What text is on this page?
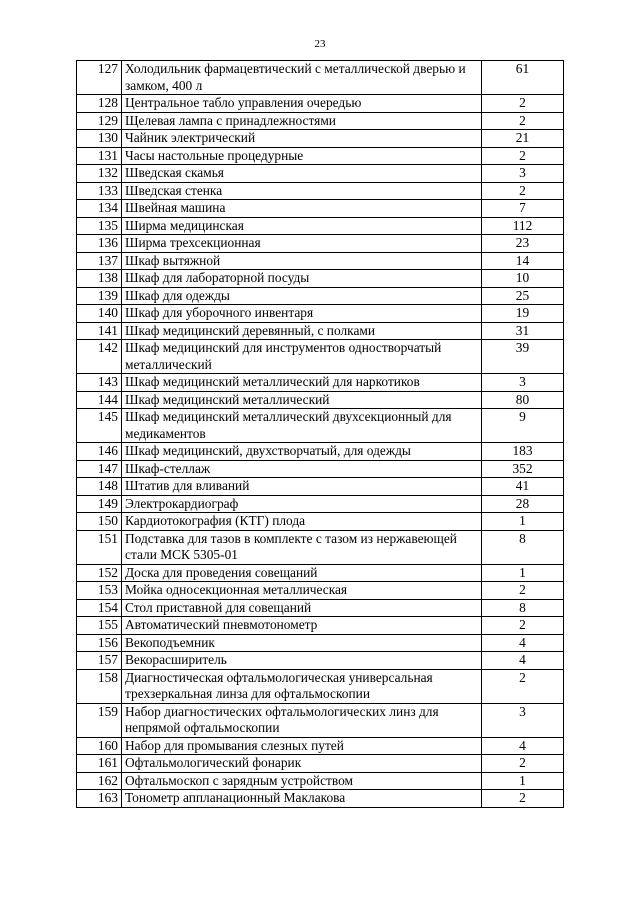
23
127	Холодильник фармацевтический с металлической дверью и замком, 400 л	61
128	Центральное табло управления очередью	2
129	Щелевая лампа с принадлежностями	2
130	Чайник электрический	21
131	Часы настольные процедурные	2
132	Шведская скамья	3
133	Шведская стенка	2
134	Швейная машина	7
135	Ширма медицинская	112
136	Ширма трехсекционная	23
137	Шкаф вытяжной	14
138	Шкаф для лабораторной посуды	10
139	Шкаф для одежды	25
140	Шкаф для уборочного инвентаря	19
141	Шкаф медицинский деревянный, с полками	31
142	Шкаф медицинский для инструментов одностворчатый металлический	39
143	Шкаф медицинский металлический для наркотиков	3
144	Шкаф медицинский металлический	80
145	Шкаф медицинский металлический двухсекционный для медикаментов	9
146	Шкаф медицинский, двухстворчатый, для одежды	183
147	Шкаф-стеллаж	352
148	Штатив для вливаний	41
149	Электрокардиограф	28
150	Кардиотокография (КТГ) плода	1
151	Подставка для тазов в комплекте с тазом из нержавеющей стали МСК 5305-01	8
152	Доска для проведения совещаний	1
153	Мойка односекционная металлическая	2
154	Стол приставной для совещаний	8
155	Автоматический пневмотонометр	2
156	Векоподъемник	4
157	Векорасширитель	4
158	Диагностическая офтальмологическая универсальная трехзеркальная линза для офтальмоскопии	2
159	Набор диагностических офтальмологических линз для непрямой офтальмоскопии	3
160	Набор для промывания слезных путей	4
161	Офтальмологический фонарик	2
162	Офтальмоскоп с зарядным устройством	1
163	Тонометр аппланационный Маклакова	2
